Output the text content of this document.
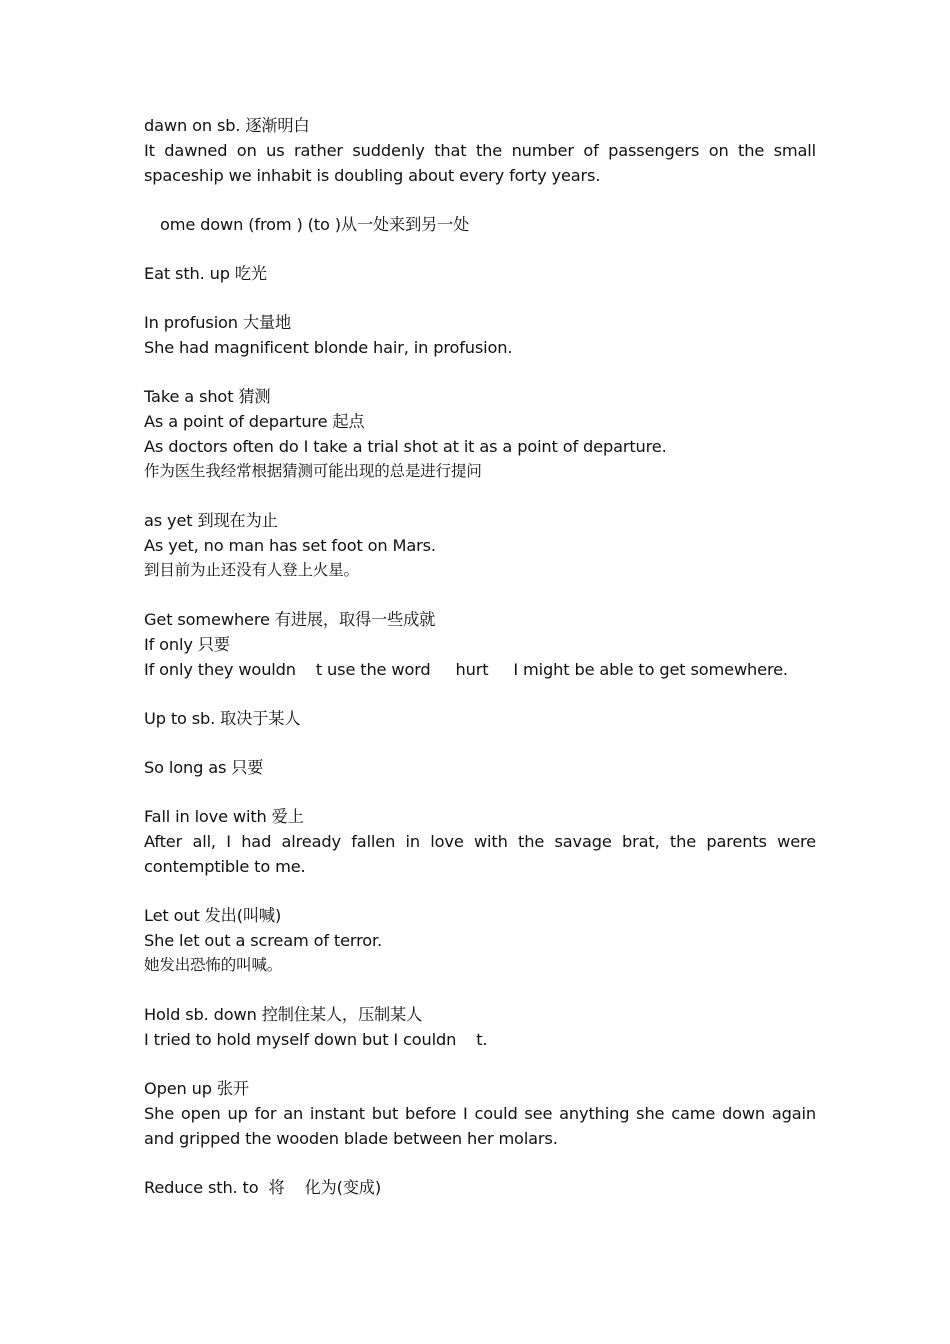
dawn on sb. 逐渐明白
It dawned on us rather suddenly that the number of passengers on the small spaceship we inhabit is doubling about every forty years.
ome down (from ) (to )从一处来到另一处
Eat sth. up 吃光
In profusion 大量地
She had magnificent blonde hair, in profusion.
Take a shot 猜测
As a point of departure 起点
As doctors often do I take a trial shot at it as a point of departure.
作为医生我经常根据猜测可能出现的总是进行提问
as yet 到现在为止
As yet, no man has set foot on Mars.
到目前为止还没有人登上火星。
Get somewhere 有进展，取得一些成就
If only 只要
If only they wouldn    t use the word     hurt     I might be able to get somewhere.
Up to sb. 取决于某人
So long as 只要
Fall in love with 爱上
After all, I had already fallen in love with the savage brat, the parents were contemptible to me.
Let out 发出(叫喊)
She let out a scream of terror.
她发出恐怖的叫喊。
Hold sb. down 控制住某人，压制某人
I tried to hold myself down but I couldn    t.
Open up 张开
She open up for an instant but before I could see anything she came down again and gripped the wooden blade between her molars.
Reduce sth. to  将    化为(变成)
